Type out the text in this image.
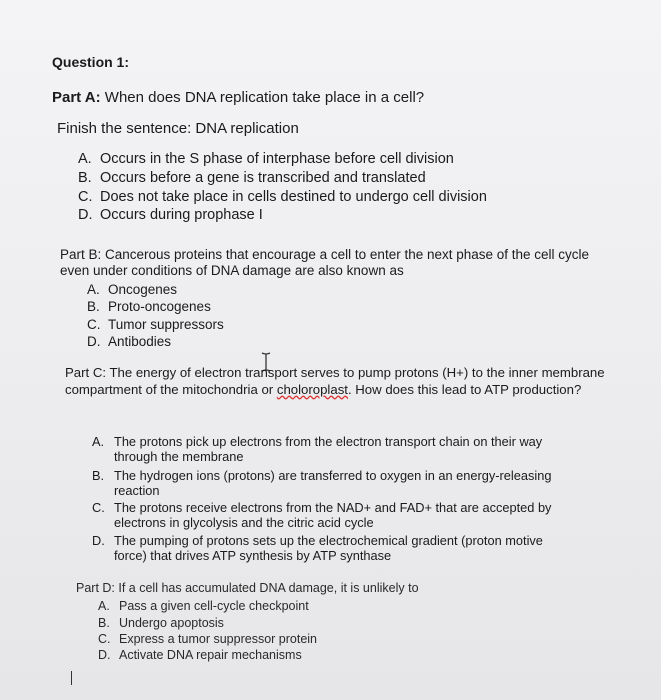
Question 1:
Part A: When does DNA replication take place in a cell?
Finish the sentence: DNA replication
A. Occurs in the S phase of interphase before cell division
B. Occurs before a gene is transcribed and translated
C. Does not take place in cells destined to undergo cell division
D. Occurs during prophase I
Part B: Cancerous proteins that encourage a cell to enter the next phase of the cell cycle even under conditions of DNA damage are also known as
A. Oncogenes
B. Proto-oncogenes
C. Tumor suppressors
D. Antibodies
Part C: The energy of electron transport serves to pump protons (H+) to the inner membrane compartment of the mitochondria or choloroplast. How does this lead to ATP production?
A. The protons pick up electrons from the electron transport chain on their way
through the membrane
B. The hydrogen ions (protons) are transferred to oxygen in an energy-releasing
reaction
C. The protons receive electrons from the NAD+ and FAD+ that are accepted by
electrons in glycolysis and the citric acid cycle
D. The pumping of protons sets up the electrochemical gradient (proton motive
force) that drives ATP synthesis by ATP synthase
Part D: If a cell has accumulated DNA damage, it is unlikely to
A. Pass a given cell-cycle checkpoint
B. Undergo apoptosis
C. Express a tumor suppressor protein
D. Activate DNA repair mechanisms
